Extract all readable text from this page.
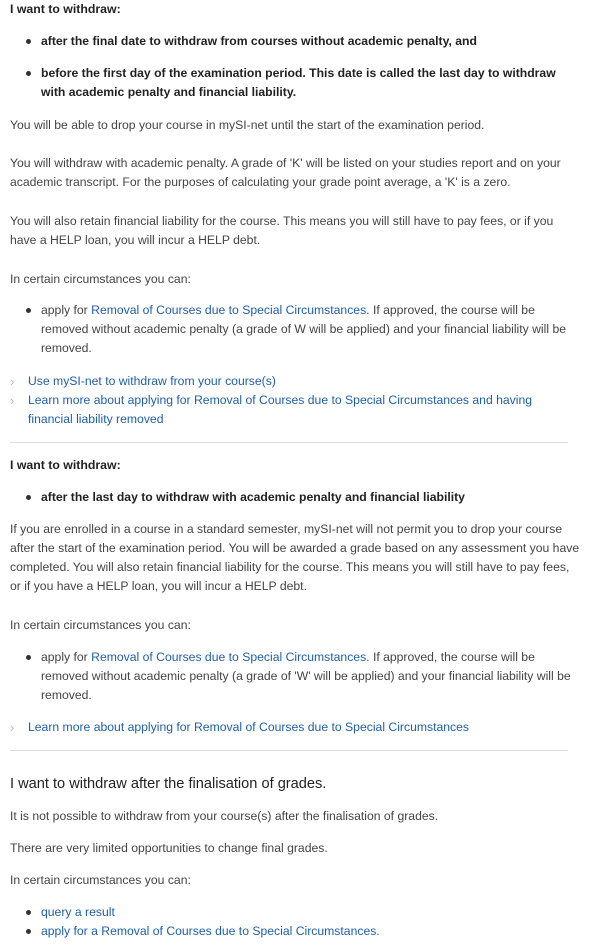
I want to withdraw:
after the final date to withdraw from courses without academic penalty, and
before the first day of the examination period. This date is called the last day to withdraw with academic penalty and financial liability.
You will be able to drop your course in mySI-net until the start of the examination period.
You will withdraw with academic penalty. A grade of 'K' will be listed on your studies report and on your academic transcript. For the purposes of calculating your grade point average, a 'K' is a zero.
You will also retain financial liability for the course. This means you will still have to pay fees, or if you have a HELP loan, you will incur a HELP debt.
In certain circumstances you can:
apply for Removal of Courses due to Special Circumstances. If approved, the course will be removed without academic penalty (a grade of W will be applied) and your financial liability will be removed.
› Use mySI-net to withdraw from your course(s)
› Learn more about applying for Removal of Courses due to Special Circumstances and having financial liability removed
I want to withdraw:
after the last day to withdraw with academic penalty and financial liability
If you are enrolled in a course in a standard semester, mySI-net will not permit you to drop your course after the start of the examination period. You will be awarded a grade based on any assessment you have completed. You will also retain financial liability for the course. This means you will still have to pay fees, or if you have a HELP loan, you will incur a HELP debt.
In certain circumstances you can:
apply for Removal of Courses due to Special Circumstances. If approved, the course will be removed without academic penalty (a grade of 'W' will be applied) and your financial liability will be removed.
› Learn more about applying for Removal of Courses due to Special Circumstances
I want to withdraw after the finalisation of grades.
It is not possible to withdraw from your course(s) after the finalisation of grades.
There are very limited opportunities to change final grades.
In certain circumstances you can:
query a result
apply for a Removal of Courses due to Special Circumstances.
